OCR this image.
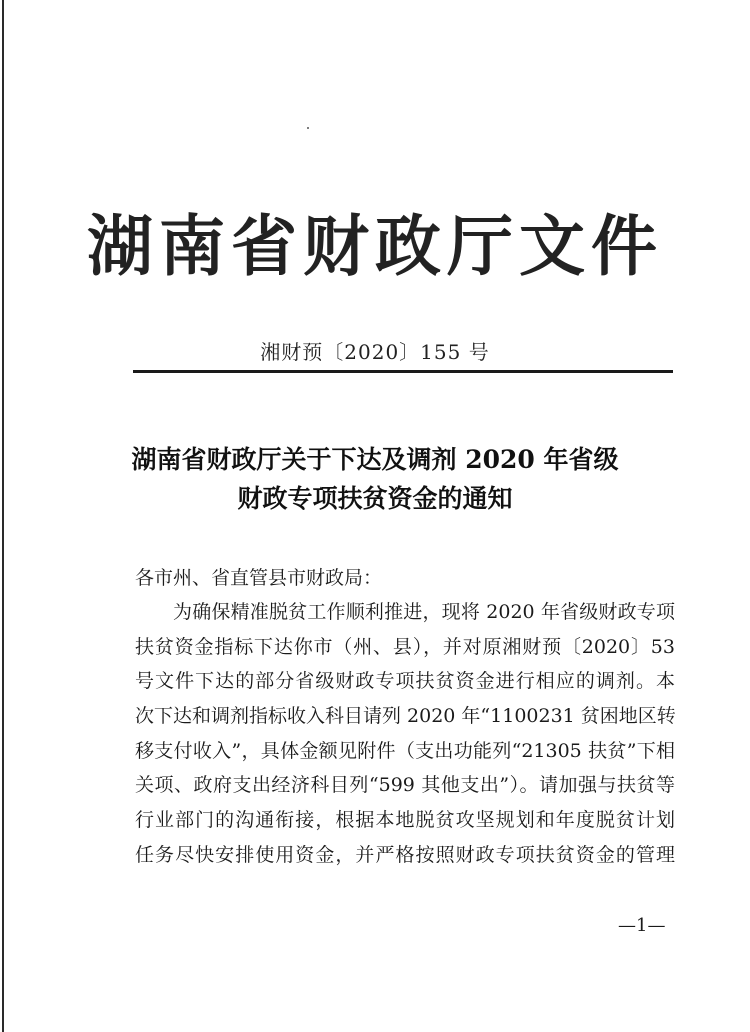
湖南省财政厅文件
湘财预〔2020〕155 号
湖南省财政厅关于下达及调剂 2020 年省级
财政专项扶贫资金的通知
各市州、省直管县市财政局：
为确保精准脱贫工作顺利推进，现将 2020 年省级财政专项
扶贫资金指标下达你市（州、县），并对原湘财预〔2020〕53
号文件下达的部分省级财政专项扶贫资金进行相应的调剂。本
次下达和调剂指标收入科目请列 2020 年“1100231 贫困地区转
移支付收入”，具体金额见附件（支出功能列“21305 扶贫”下相
关项、政府支出经济科目列“599 其他支出”）。请加强与扶贫等
行业部门的沟通衔接，根据本地脱贫攻坚规划和年度脱贫计划
任务尽快安排使用资金，并严格按照财政专项扶贫资金的管理
—1—
